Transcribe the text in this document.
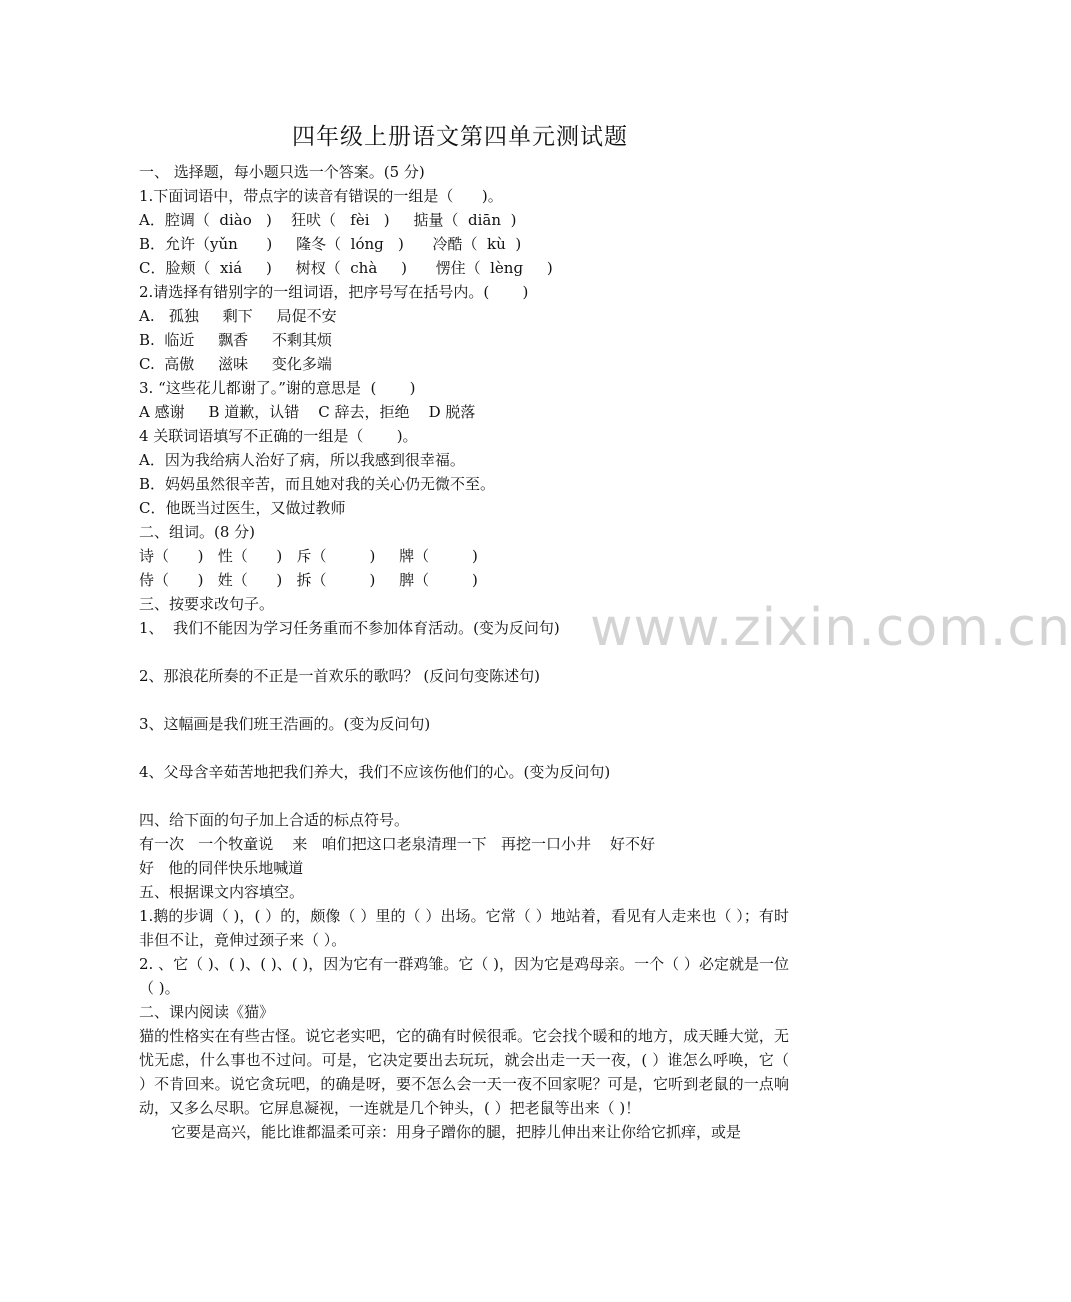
www.zixin.com.cn
四年级上册语文第四单元测试题
一、 选择题，每小题只选一个答案。(5 分)
1.下面词语中，带点字的读音有错误的一组是（      )。
A．腔调（  diào   )    狂吠（   fèi   )     掂量（  diān  )
B．允许（yǔn      )     隆冬（  lónɡ   )      冷酷（  kù  )
C．脸颊（  xiá     )     树杈（  chà     )      愣住（  lènɡ     )
2.请选择有错别字的一组词语，把序号写在括号内。(       )
A.   孤独     剩下     局促不安
B.  临近     飘香     不剩其烦
C.  高傲     滋味     变化多端
3. “这些花儿都谢了。”谢的意思是  (       )
A 感谢     B 道歉，认错    C 辞去，拒绝    D 脱落
4 关联词语填写不正确的一组是（       )。
A．因为我给病人治好了病，所以我感到很幸福。
B．妈妈虽然很辛苦，而且她对我的关心仍无微不至。
C．他既当过医生，又做过教师
二、组词。(8 分)
诗（      )   性（      )   斥（         )     牌（         )
侍（      )   姓（      )   拆（         )     脾（         )
三、按要求改句子。
1、  我们不能因为学习任务重而不参加体育活动。(变为反问句)
2、那浪花所奏的不正是一首欢乐的歌吗？ (反问句变陈述句)
3、这幅画是我们班王浩画的。(变为反问句)
4、父母含辛茹苦地把我们养大，我们不应该伤他们的心。(变为反问句)
四、给下面的句子加上合适的标点符号。
有一次   一个牧童说    来   咱们把这口老泉清理一下   再挖一口小井    好不好
好   他的同伴快乐地喊道
五、根据课文内容填空。
1.鹅的步调（ )，( ）的，颇像（ ）里的（ ）出场。它常（ ）地站着，看见有人走来也（ ）；有时非但不让，竟伸过颈子来（ ）。
2. 、它（ )、( )、( )、( )，因为它有一群鸡雏。它（ )，因为它是鸡母亲。一个（ ）必定就是一位（ )。
二、课内阅读《猫》
猫的性格实在有些古怪。说它老实吧，它的确有时候很乖。它会找个暖和的地方，成天睡大觉，无忧无虑，什么事也不过问。可是，它决定要出去玩玩，就会出走一天一夜，( ）谁怎么呼唤，它（ ）不肯回来。说它贪玩吧，的确是呀，要不怎么会一天一夜不回家呢？可是，它听到老鼠的一点响动，又多么尽职。它屏息凝视，一连就是几个钟头，( ）把老鼠等出来（ )！
它要是高兴，能比谁都温柔可亲：用身子蹭你的腿，把脖儿伸出来让你给它抓痒，或是
